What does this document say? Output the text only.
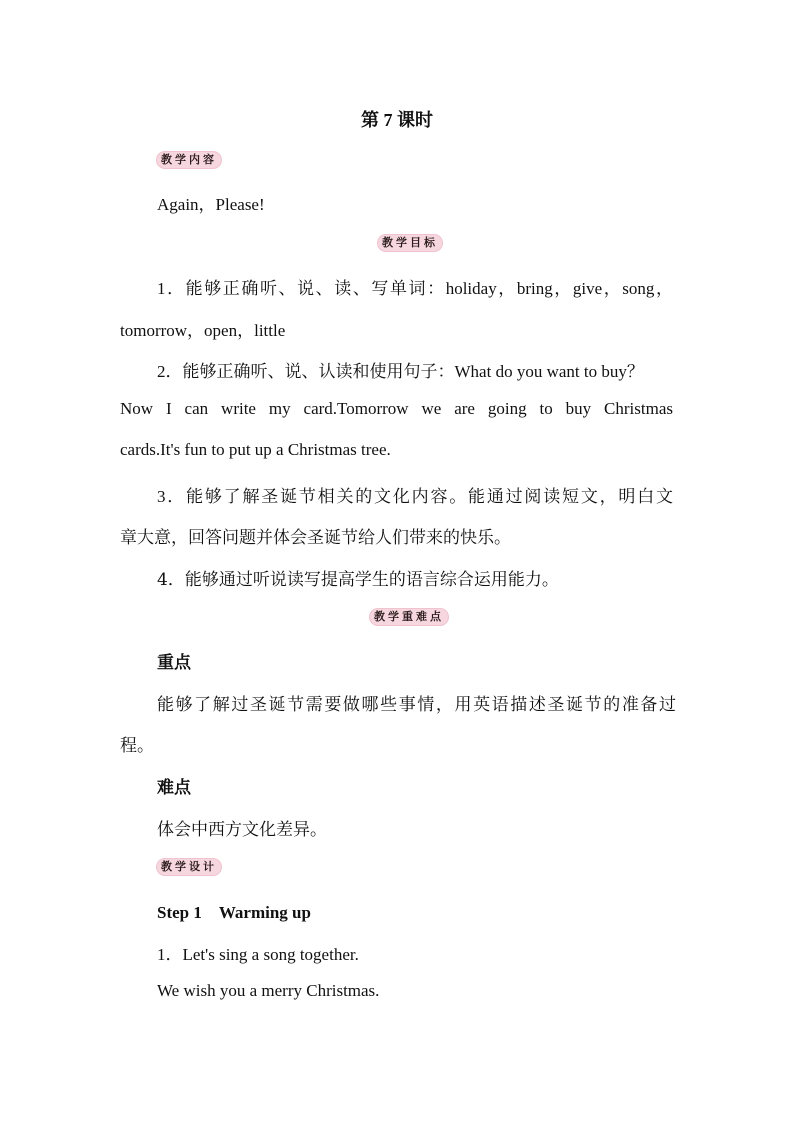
第 7 课时
教学内容
Again，Please!
教学目标
1．能够正确听、说、读、写单词：holiday，bring，give，song，
tomorrow，open，little
2．能够正确听、说、认读和使用句子：What do you want to buy？
Now I can write my card.Tomorrow we are going to buy Christmas
cards.It's fun to put up a Christmas tree.
3．能够了解圣诞节相关的文化内容。能通过阅读短文，明白文
章大意，回答问题并体会圣诞节给人们带来的快乐。
4．能够通过听说读写提高学生的语言综合运用能力。
教学重难点
重点
能够了解过圣诞节需要做哪些事情，用英语描述圣诞节的准备过
程。
难点
体会中西方文化差异。
教学设计
Step 1　Warming up
1．Let's sing a song together.
We wish you a merry Christmas.
